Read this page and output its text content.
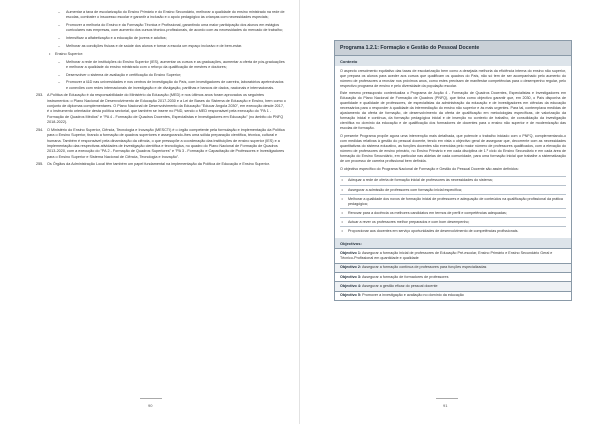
– Aumentar a taxa de escolarização do Ensino Primário e do Ensino Secundário, melhorar a qualidade do ensino ministrado na rede de escolas, combater o insucesso escolar e garantir a inclusão e o apoio pedagógico às crianças com necessidades especiais;
– Promover a melhoria do Ensino e da Formação Técnica e Profissional, garantindo uma maior participação dos alunos em estágios curriculares nas empresas, com aumento dos cursos técnico-profissionais, de acordo com as necessidades do mercado de trabalho;
– Intensificar a alfabetização e a educação de jovens e adultos;
– Melhorar as condições físicas e de saúde dos alunos e tornar a escola um espaço inclusivo e de bem-estar.
• Ensino Superior:
– Melhorar a rede de instituições do Ensino Superior (IES), aumentar os cursos e as graduações, aumentar a oferta de pós-graduações e melhorar a qualidade do ensino ministrado com o reforço da qualificação de mestres e doutores;
– Desenvolver o sistema de avaliação e certificação do Ensino Superior;
– Promover a I&D nas universidades e nos centros de investigação do País, com investigadores de carreira, laboratórios apetrechados e conexões com redes internacionais de investigação e de divulgação, partilhas e bancos de dados, nacionais e internacionais.
253. A Política de Educação é da responsabilidade do Ministério da Educação (MED) e nos últimos anos foram aprovados os seguintes instrumentos: o Plano Nacional de Desenvolvimento de Educação 2017-2030 e a Lei de Bases do Sistema de Educação e Ensino, bem como o conjunto de diplomas complementares. O Plano Nacional de Desenvolvimento da Educação "Educar Angola 2030", em execução desde 2017, é o instrumento orientador desta política sectorial, que também se insere no PND, sendo o MED responsável pela execução do "PA 1 - Formação de Quadros Médios" e "PA 4 - Formação de Quadros Docentes, Especialistas e Investigadores em Educação" (no âmbito do PNFQ 2018-2022).
254. O Ministério do Ensino Superior, Ciência, Tecnologia e Inovação (MESCTI) é o órgão competente pela formulação e implementação da Política para o Ensino Superior, tirando a formação de quadros superiores e assegurando-lhes uma sólida preparação científica, técnica, cultural e humana. Também é responsável pela dinamização da ciência, o que pressupõe a coordenação das instituições de ensino superior (IES) e a implementação das respectivas atividades de investigação científica e tecnológica, no quadro do Plano Nacional de Formação de Quadros 2013-2020, com a execução do "PA 2 - Formação de Quadros Superiores" e "PA 3 - Formação e Capacitação de Professores e Investigadores para o Ensino Superior e Sistema Nacional de Ciência, Tecnologia e Inovação".
255. Os Órgãos da Administração Local têm também um papel fundamental na implementação da Política de Educação e Ensino Superior.
90
Programa 1.2.1: Formação e Gestão do Pessoal Docente
Contexto

O aspecto crescimento equitativo das taxas de escolarização bem como a desejada melhoria da eficiência interna do ensino não superior, que prepara os alunos para aceder aos cursos que qualificam os quadros do País, não só tem de ser acompanhado pelo aumento do número de professores a recrutar nos próximos anos, como estes precisam de manifestar competências para o desempenho regular, pelo respectivo programa de ensino e pelo diversidade da população escolar.

Este mesmo pressuposto contextualiza o Programa de Acção 4 - Formação de Quadros Docentes, Especialistas e Investigadores em Educação do Plano Nacional de Formação de Quadros (PNFQ), que tinha como objectivo garantir que, em 2030, o País disponha de quantidade e qualidade de professores, de especialistas da administração da educação e de investigadores em ciências da educação necessários para o responder à qualidade da intermediação do ensino não superior e às mais urgentes. Para tal, contemplava medidas de ajustamento da oferta de formação, de desenvolvimento da oferta de qualificação em metodologias específicas, de valorização da formação inicial e contínua, da formação pedagógica inicial e de inserção no contexto de trabalho, de consolidação da investigação científica no domínio da educação e de qualificação dos formadores de docentes para o ensino não superior e de modernização das escolas de formação.

O presente Programa propõe agora uma intervenção mais detalhada, que potencie o trabalho iniciado com o PNFQ, complementando-o com medidas relativas à gestão do pessoal docente, tendo em vista o objectivo geral de assegurar que, decorrente com as necessidades quantitativas do sistema educativo, as funções docentes são exercidas pelo maior número de professores qualificados, com a elevação do número de professores de ensino primário, no Ensino Primário e em cada disciplina de 1.º ciclo do Ensino Secundário e em cada área de formação do Ensino Secundário, em particular nas aldeias de cada comunidade, para uma formação inicial que trabalhe a sistematização de um processo de carreira profissional bem definida.

O objectivo específico do Programa Nacional de Formação e Gestão do Pessoal Docente são assim definidos:

• Adequar a rede de oferta de formação inicial de professores às necessidades do sistema;
• Assegurar a admissão de professores com formação inicial específica;
• Melhorar a qualidade dos novos de formação inicial de professores e adequação de conteúdos na qualificação profissional da prática pedagógica;
• Renovar para a docência os melhores candidatos em termos de perfil e competências adequadas;
• Actuar a rever os professores melhor preparados e com bom desempenho;
• Proporcionar aos docentes em serviço oportunidades de desenvolvimento de competências profissionais.
Objectivos:
Objectivo 1: Assegurar a formação inicial de professores de Educação Pré-escolar, Ensino Primário e Ensino Secundário Geral e Técnico-Profissional em quantidade e qualidade
Objectivo 2: Assegurar a formação contínua de professores para funções especializadas
Objectivo 3: Assegurar a formação de formadores de professores
Objectivo 4: Assegurar a gestão eficaz do pessoal docente
Objectivo 5: Promover a investigação e avaliação no domínio da educação
91
